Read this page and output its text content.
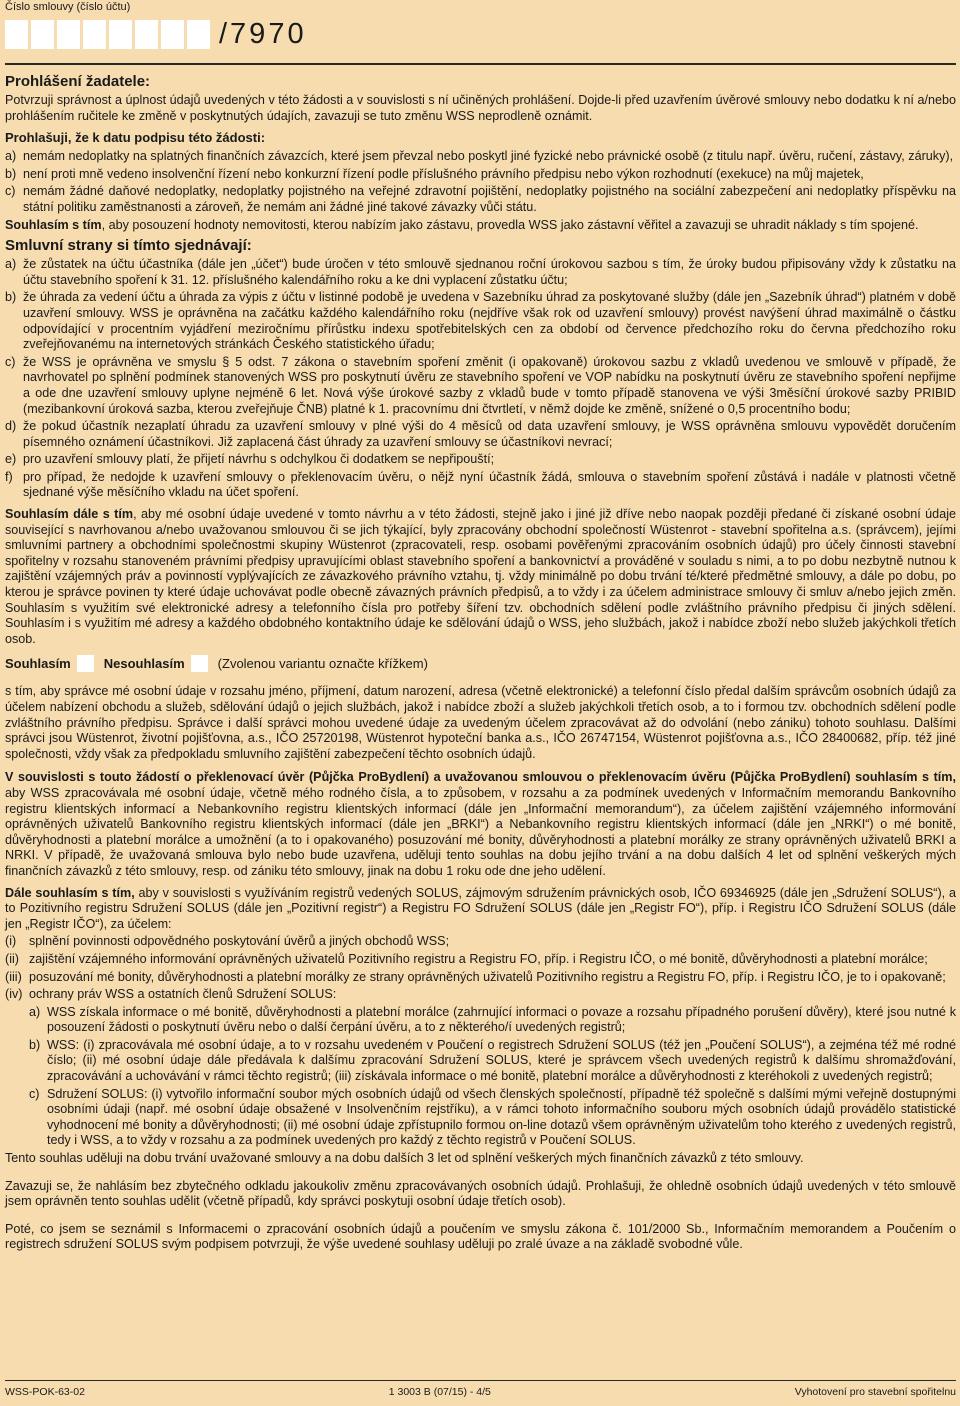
Číslo smlouvy (číslo účtu)
/7970
Prohlášení žadatele:

Potvrzuji správnost a úplnost údajů uvedených v této žádosti a v souvislosti s ní učiněných prohlášení. Dojde-li před uzavřením úvěrové smlouvy nebo dodatku k ní a/nebo prohlášením ručitele ke změně v poskytnutých údajích, zavazuji se tuto změnu WSS neprodleně oznámit.

Prohlašuji, že k datu podpisu této žádosti:
a) nemám nedoplatky na splatných finančních závazcích, které jsem převzal nebo poskytl jiné fyzické nebo právnické osobě (z titulu např. úvěru, ručení, zástavy, záruky),
b) není proti mně vedeno insolvenční řízení nebo konkurzní řízení podle příslušného právního předpisu nebo výkon rozhodnutí (exekuce) na můj majetek,
c) nemám žádné daňové nedoplatky, nedoplatky pojistného na veřejné zdravotní pojištění, nedoplatky pojistného na sociální zabezpečení ani nedoplatky příspěvku na státní politiku zaměstnanosti a zároveň, že nemám ani žádné jiné takové závazky vůči státu.

Souhlasím s tím, aby posouzení hodnoty nemovitosti, kterou nabízím jako zástavu, provedla WSS jako zástavní věřitel a zavazuji se uhradit náklady s tím spojené.

Smluvní strany si tímto sjednávají:
a) že zůstatek na účtu účastníka (dále jen „účet“) bude úročen v této smlouvě sjednanou roční úrokovou sazbou s tím, že úroky budou připisovány vždy k zůstatku na účtu stavebního spoření k 31. 12. příslušného kalendářního roku a ke dni vyplacení zůstatku účtu;
b) že úhrada za vedení účtu a úhrada za výpis z účtu v listinné podobě je uvedena v Sazebníku úhrad za poskytované služby (dále jen „Sazebník úhrad“) platném v době uzavření smlouvy. WSS je oprávněna na začátku každého kalendářního roku (nejdříve však rok od uzavření smlouvy) provést navýšení úhrad maximálně o částku odpovídající v procentním vyjádření meziročnímu přírůstku indexu spotřebitelských cen za období od července předchozího roku do června předchozího roku zveřejňovanému na internetových stránkách Českého statistického úřadu;
c) že WSS je oprávněna ve smyslu § 5 odst. 7 zákona o stavebním spoření změnit (i opakovaně) úrokovou sazbu z vkladů uvedenou ve smlouvě v případě, že navrhovatel po splnění podmínek stanovených WSS pro poskytnutí úvěru ze stavebního spoření ve VOP nabídku na poskytnutí úvěru ze stavebního spoření nepřijme a ode dne uzavření smlouvy uplyne nejméně 6 let. Nová výše úrokové sazby z vkladů bude v tomto případě stanovena ve výši 3měsíční úrokové sazby PRIBID (mezibankovní úroková sazba, kterou zveřejňuje ČNB) platné k 1. pracovnímu dni čtvrtletí, v němž dojde ke změně, snížené o 0,5 procentního bodu;
d) že pokud účastník nezaplatí úhradu za uzavření smlouvy v plné výši do 4 měsíců od data uzavření smlouvy, je WSS oprávněna smlouvu vypovědět doručením písemného oznámení účastníkovi. Již zaplacená část úhrady za uzavření smlouvy se účastníkovi nevrací;
e) pro uzavření smlouvy platí, že přijetí návrhu s odchylkou či dodatkem se nepřipouští;
f) pro případ, že nedojde k uzavření smlouvy o překlenovacím úvěru, o nějž nyní účastník žádá, smlouva o stavebním spoření zůstává i nadále v platnosti včetně sjednané výše měsíčního vkladu na účet spoření.

Souhlasím dále s tím, aby mé osobní údaje uvedené v tomto návrhu a v této žádosti, stejně jako i jiné již dříve nebo naopak později předané či získané osobní údaje související s navrhovanou a/nebo uvažovanou smlouvou či se jich týkající, byly zpracovány obchodní společností Wüstenrot - stavební spořitelna a.s. (správcem), jejími smluvními partnery a obchodními společnostmi skupiny Wüstenrot (zpracovateli, resp. osobami pověřenými zpracováním osobních údajů) pro účely činnosti stavební spořitelny v rozsahu stanoveném právními předpisy upravujícími oblast stavebního spoření a bankovnictví a prováděné v souladu s nimi, a to po dobu nezbytně nutnou k zajištění vzájemných práv a povinností vyplývajících ze závazkového právního vztahu, tj. vždy minimálně po dobu trvání té/které předmětné smlouvy, a dále po dobu, po kterou je správce povinen ty které údaje uchovávat podle obecně závazných právních předpisů, a to vždy i za účelem administrace smlouvy či smluv a/nebo jejich změn. Souhlasím s využitím své elektronické adresy a telefonního čísla pro potřeby šíření tzv. obchodních sdělení podle zvláštního právního předpisu či jiných sdělení. Souhlasím i s využitím mé adresy a každého obdobného kontaktního údaje ke sdělování údajů o WSS, jeho službách, jakož i nabídce zboží nebo služeb jakýchkoli třetích osob.

Souhlasím	Nesouhlasím	(Zvolenou variantu označte křížkem)

s tím, aby správce mé osobní údaje v rozsahu jméno, příjmení, datum narození, adresa (včetně elektronické) a telefonní číslo předal dalším správcům osobních údajů za účelem nabízení obchodu a služeb, sdělování údajů o jejich službách, jakož i nabídce zboží a služeb jakýchkoli třetích osob, a to i formou tzv. obchodních sdělení podle zvláštního právního předpisu. Správce i další správci mohou uvedené údaje za uvedeným účelem zpracovávat až do odvolání (nebo zániku) tohoto souhlasu. Dalšími správci jsou Wüstenrot, životní pojišťovna, a.s., IČO 25720198, Wüstenrot hypoteční banka a.s., IČO 26747154, Wüstenrot pojišťovna a.s., IČO 28400682, příp. též jiné společnosti, vždy však za předpokladu smluvního zajištění zabezpečení těchto osobních údajů.

V souvislosti s touto žádostí o překlenovací úvěr (Půjčka ProBydlení) a uvažovanou smlouvou o překlenovacím úvěru (Půjčka ProBydlení) souhlasím s tím, aby WSS zpracovávala mé osobní údaje, včetně mého rodného čísla, a to způsobem, v rozsahu a za podmínek uvedených v Informačním memorandu Bankovního registru klientských informací a Nebankovního registru klientských informací (dále jen „Informační memorandum“), za účelem zajištění vzájemného informování oprávněných uživatelů Bankovního registru klientských informací (dále jen „BRKI“) a Nebankovního registru klientských informací (dále jen „NRKI“) o mé bonitě, důvěryhodnosti a platební morálce a umožnění (a to i opakovaného) posuzování mé bonity, důvěryhodnosti a platební morálky ze strany oprávněných uživatelů BRKI a NRKI. V případě, že uvažovaná smlouva bylo nebo bude uzavřena, uděluji tento souhlas na dobu jejího trvání a na dobu dalších 4 let od splnění veškerých mých finančních závazků z této smlouvy, resp. od zániku této smlouvy, jinak na dobu 1 roku ode dne jeho udělení.

Dále souhlasím s tím, aby v souvislosti s využíváním registrů vedených SOLUS, zájmovým sdružením právnických osob, IČO 69346925 (dále jen „Sdružení SOLUS“), a to Pozitivního registru Sdružení SOLUS (dále jen „Pozitivní registr“) a Registru FO Sdružení SOLUS (dále jen „Registr FO“), příp. i Registru IČO Sdružení SOLUS (dále jen „Registr IČO“), za účelem:

(i)	splnění povinnosti odpovědného poskytování úvěrů a jiných obchodů WSS;
(ii) zajištění vzájemného informování oprávněných uživatelů Pozitivního registru a Registru FO, příp. i Registru IČO, o mé bonitě, důvěryhodnosti a platební morálce;
(iii) posuzování mé bonity, důvěryhodnosti a platební morálky ze strany oprávněných uživatelů Pozitivního registru a Registru FO, příp. i Registru IČO, je to i opakovaně;
(iv) ochrany práv WSS a ostatních členů Sdružení SOLUS:
a) WSS získala informace o mé bonitě, důvěryhodnosti a platební morálce (zahrnující informaci o povaze a rozsahu případného porušení důvěry), které jsou nutné k posouzení žádosti o poskytnutí úvěru nebo o další čerpání úvěru, a to z některého/í uvedených registrů;
b) WSS: (i) zpracovávala mé osobní údaje, a to v rozsahu uvedeném v Poučení o registrech Sdružení SOLUS (též jen „Poučení SOLUS“), a zejména též mé rodné číslo; (ii) mé osobní údaje dále předávala k dalšímu zpracování Sdružení SOLUS, které je správcem všech uvedených registrů k dalšímu shromažďování, zpracovávání a uchovávání v rámci těchto registrů; (iii) získávala informace o mé bonitě, platební morálce a důvěryhodnosti z kteréhokoli z uvedených registrů;
c) Sdružení SOLUS: (i) vytvořilo informační soubor mých osobních údajů od všech členských společností, případně též společně s dalšími mými veřejně dostupnými osobními údaji (např. mé osobní údaje obsažené v Insolvenčním rejstříku), a v rámci tohoto informačního souboru mých osobních údajů provádělo statistické vyhodnocení mé bonity a důvěryhodnosti; (ii) mé osobní údaje zpřístupnilo formou on-line dotazů všem oprávněným uživatelům toho kterého z uvedených registrů, tedy i WSS, a to vždy v rozsahu a za podmínek uvedených pro každý z těchto registrů v Poučení SOLUS.

Tento souhlas uděluji na dobu trvání uvažované smlouvy a na dobu dalších 3 let od splnění veškerých mých finančních závazků z této smlouvy.

Zavazuji se, že nahlásím bez zbytečného odkladu jakoukoliv změnu zpracovávaných osobních údajů. Prohlašuji, že ohledně osobních údajů uvedených v této smlouvě jsem oprávněn tento souhlas udělit (včetně případů, kdy správci poskytuji osobní údaje třetích osob).

Poté, co jsem se seznámil s Informacemi o zpracování osobních údajů a poučením ve smyslu zákona č. 101/2000 Sb., Informačním memorandem a Poučením o registrech sdružení SOLUS svým podpisem potvrzuji, že výše uvedené souhlasy uděluji po zralé úvaze a na základě svobodné vůle.

WSS-POK-63-02	1 3003 B (07/15) - 4/5	Vyhotovení pro stavební spořitelnu
